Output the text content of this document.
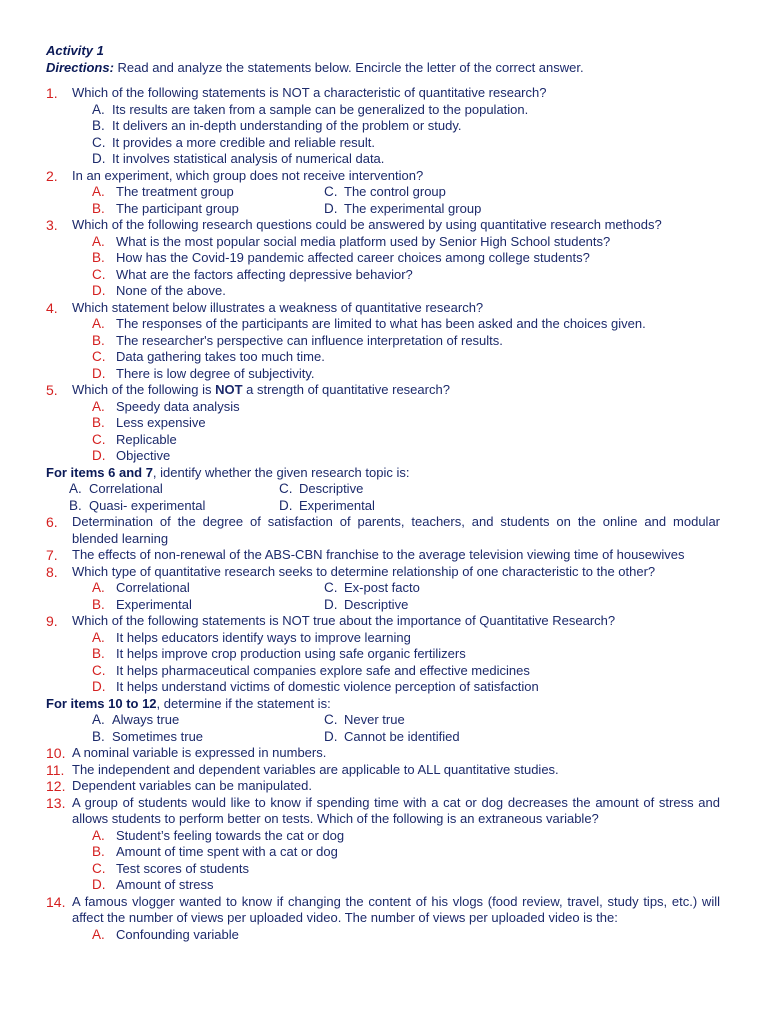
Activity 1
Directions: Read and analyze the statements below. Encircle the letter of the correct answer.
1.	Which of the following statements is NOT a characteristic of quantitative research?
A. Its results are taken from a sample can be generalized to the population.
B. It delivers an in-depth understanding of the problem or study.
C. It provides a more credible and reliable result.
D. It involves statistical analysis of numerical data.
2.	In an experiment, which group does not receive intervention?
A. The treatment group	C. The control group
B. The participant group	D. The experimental group
3.	Which of the following research questions could be answered by using quantitative research methods?
A. What is the most popular social media platform used by Senior High School students?
B. How has the Covid-19 pandemic affected career choices among college students?
C. What are the factors affecting depressive behavior?
D. None of the above.
4.	Which statement below illustrates a weakness of quantitative research?
A. The responses of the participants are limited to what has been asked and the choices given.
B. The researcher's perspective can influence interpretation of results.
C. Data gathering takes too much time.
D. There is low degree of subjectivity.
5.	Which of the following is NOT a strength of quantitative research?
A. Speedy data analysis
B. Less expensive
C. Replicable
D. Objective
For items 6 and 7, identify whether the given research topic is:
A. Correlational	C. Descriptive
B. Quasi- experimental	D. Experimental
6.	Determination of the degree of satisfaction of parents, teachers, and students on the online and modular blended learning
7.	The effects of non-renewal of the ABS-CBN franchise to the average television viewing time of housewives
8.	Which type of quantitative research seeks to determine relationship of one characteristic to the other?
A. Correlational	C. Ex-post facto
B. Experimental	D. Descriptive
9.	Which of the following statements is NOT true about the importance of Quantitative Research?
A. It helps educators identify ways to improve learning
B. It helps improve crop production using safe organic fertilizers
C. It helps pharmaceutical companies explore safe and effective medicines
D. It helps understand victims of domestic violence perception of satisfaction
For items 10 to 12, determine if the statement is:
A. Always true	C. Never true
B. Sometimes true	D. Cannot be identified
10. A nominal variable is expressed in numbers.
11. The independent and dependent variables are applicable to ALL quantitative studies.
12. Dependent variables can be manipulated.
13. A group of students would like to know if spending time with a cat or dog decreases the amount of stress and allows students to perform better on tests. Which of the following is an extraneous variable?
A. Student’s feeling towards the cat or dog
B. Amount of time spent with a cat or dog
C. Test scores of students
D. Amount of stress
14. A famous vlogger wanted to know if changing the content of his vlogs (food review, travel, study tips, etc.) will affect the number of views per uploaded video. The number of views per uploaded video is the:
A. Confounding variable
